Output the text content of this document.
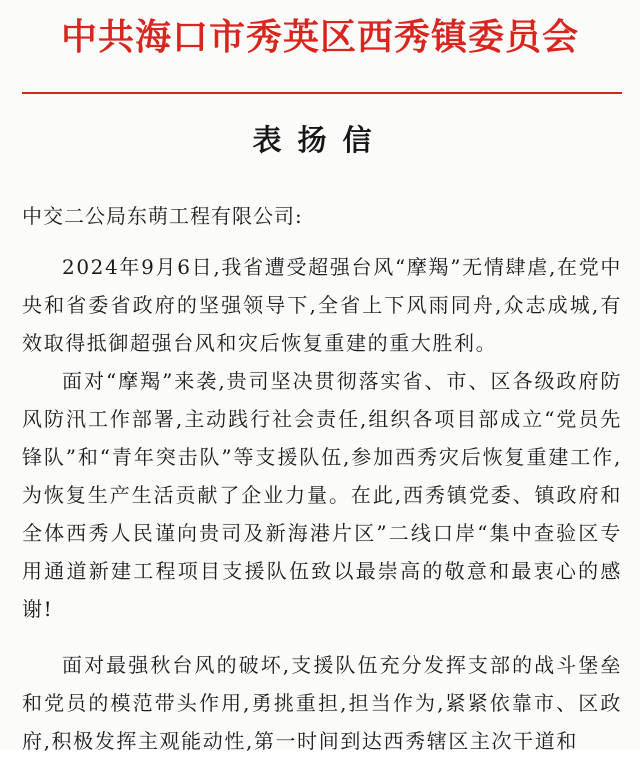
中共海口市秀英区西秀镇委员会
表扬信
中交二公局东萌工程有限公司:

2024年9月6日,我省遭受超强台风“摩羯”无情肆虐,在党中央和省委省政府的坚强领导下,全省上下风雨同舟,众志成城,有效取得抵御超强台风和灾后恢复重建的重大胜利。

面对“摩羯”来袭,贵司坚决贯彻落实省、市、区各级政府防风防汛工作部署,主动践行社会责任,组织各项目部成立“党员先锋队”和“青年突击队”等支援队伍,参加西秀灾后恢复重建工作,为恢复生产生活贡献了企业力量。在此,西秀镇党委、镇政府和全体西秀人民谨向贵司及新海港片区”二线口岸“集中查验区专用通道新建工程项目支援队伍致以最崇高的敬意和最衷心的感谢!

面对最强秋台风的破坏,支援队伍充分发挥支部的战斗堡垒和党员的模范带头作用,勇挑重担,担当作为,紧紧依靠市、区政府,积极发挥主观能动性,第一时间到达西秀辖区主次干道和
